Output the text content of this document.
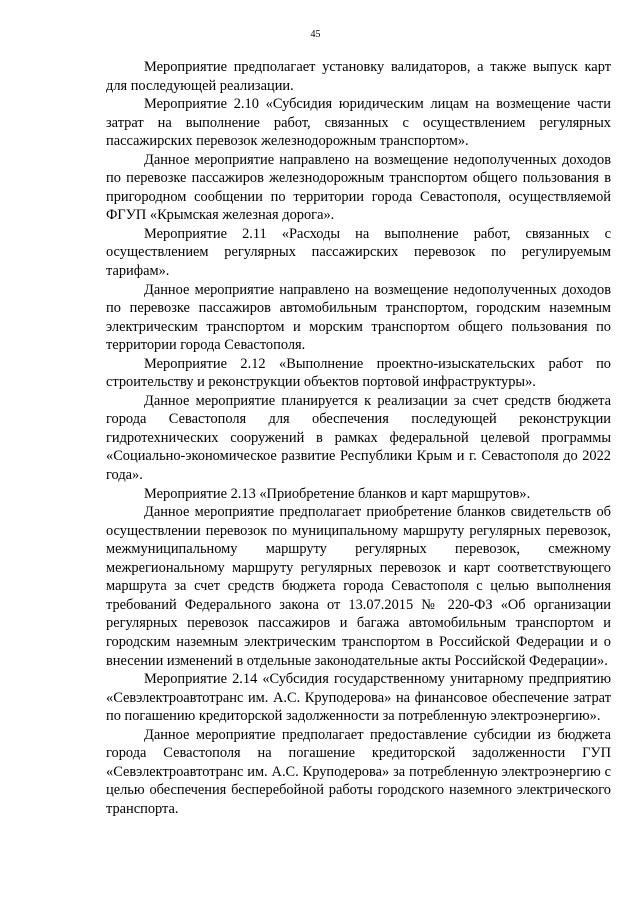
45

Мероприятие предполагает установку валидаторов, а также выпуск карт для последующей реализации.

Мероприятие 2.10 «Субсидия юридическим лицам на возмещение части затрат на выполнение работ, связанных с осуществлением регулярных пассажирских перевозок железнодорожным транспортом».

Данное мероприятие направлено на возмещение недополученных доходов по перевозке пассажиров железнодорожным транспортом общего пользования в пригородном сообщении по территории города Севастополя, осуществляемой ФГУП «Крымская железная дорога».

Мероприятие 2.11 «Расходы на выполнение работ, связанных с осуществлением регулярных пассажирских перевозок по регулируемым тарифам».

Данное мероприятие направлено на возмещение недополученных доходов по перевозке пассажиров автомобильным транспортом, городским наземным электрическим транспортом и морским транспортом общего пользования по территории города Севастополя.

Мероприятие 2.12 «Выполнение проектно-изыскательских работ по строительству и реконструкции объектов портовой инфраструктуры».

Данное мероприятие планируется к реализации за счет средств бюджета города Севастополя для обеспечения последующей реконструкции гидротехнических сооружений в рамках федеральной целевой программы «Социально-экономическое развитие Республики Крым и г. Севастополя до 2022 года».

Мероприятие 2.13 «Приобретение бланков и карт маршрутов».

Данное мероприятие предполагает приобретение бланков свидетельств об осуществлении перевозок по муниципальному маршруту регулярных перевозок, межмуниципальному маршруту регулярных перевозок, смежному межрегиональному маршруту регулярных перевозок и карт соответствующего маршрута за счет средств бюджета города Севастополя с целью выполнения требований Федерального закона от 13.07.2015 № 220-ФЗ «Об организации регулярных перевозок пассажиров и багажа автомобильным транспортом и городским наземным электрическим транспортом в Российской Федерации и о внесении изменений в отдельные законодательные акты Российской Федерации».

Мероприятие 2.14 «Субсидия государственному унитарному предприятию «Севэлектроавтотранс им. А.С. Круподерова» на финансовое обеспечение затрат по погашению кредиторской задолженности за потребленную электроэнергию».

Данное мероприятие предполагает предоставление субсидии из бюджета города Севастополя на погашение кредиторской задолженности ГУП «Севэлектроавтотранс им. А.С. Круподерова» за потребленную электроэнергию с целью обеспечения бесперебойной работы городского наземного электрического транспорта.
